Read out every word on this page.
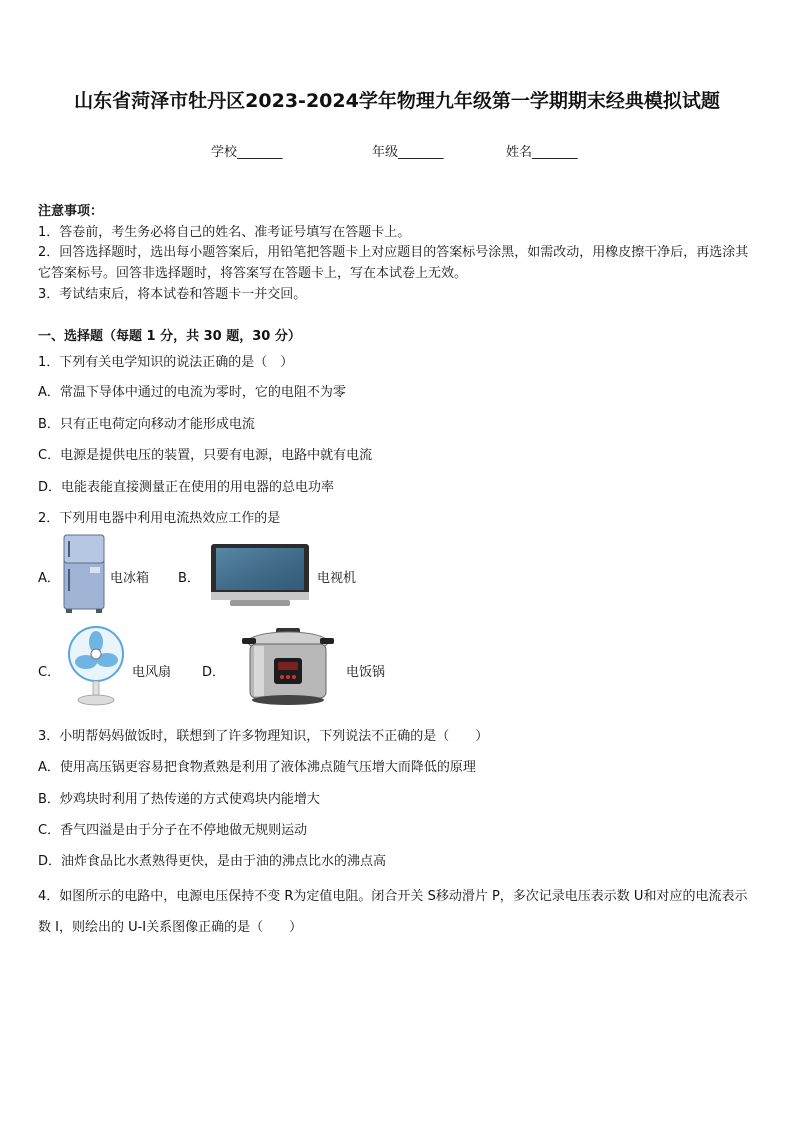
山东省菏泽市牡丹区2023-2024学年物理九年级第一学期期末经典模拟试题
学校_______	年级_______	姓名_______
注意事项：
1．答卷前，考生务必将自己的姓名、准考证号填写在答题卡上。
2．回答选择题时，选出每小题答案后，用铅笔把答题卡上对应题目的答案标号涂黑，如需改动，用橡皮擦干净后，再选涂其它答案标号。回答非选择题时，将答案写在答题卡上，写在本试卷上无效。
3．考试结束后，将本试卷和答题卡一并交回。
一、选择题（每题 1 分，共 30 题，30 分）
1．下列有关电学知识的说法正确的是（　）
A．常温下导体中通过的电流为零时，它的电阻不为零
B．只有正电荷定向移动才能形成电流
C．电源是提供电压的装置，只要有电源，电路中就有电流
D．电能表能直接测量正在使用的用电器的总电功率
2．下列用电器中利用电流热效应工作的是
A．	电冰箱 B．	电视机
C．	电风扇 D．	电饭锅
3．小明帮妈妈做饭时，联想到了许多物理知识，下列说法不正确的是（　　）
A．使用高压锅更容易把食物煮熟是利用了液体沸点随气压增大而降低的原理
B．炒鸡块时利用了热传递的方式使鸡块内能增大
C．香气四溢是由于分子在不停地做无规则运动
D．油炸食品比水煮熟得更快，是由于油的沸点比水的沸点高
4．如图所示的电路中，电源电压保持不变 R为定值电阻。闭合开关 S移动滑片 P，多次记录电压表示数 U和对应的电流表示数 I，则绘出的 U-I关系图像正确的是（　　）
